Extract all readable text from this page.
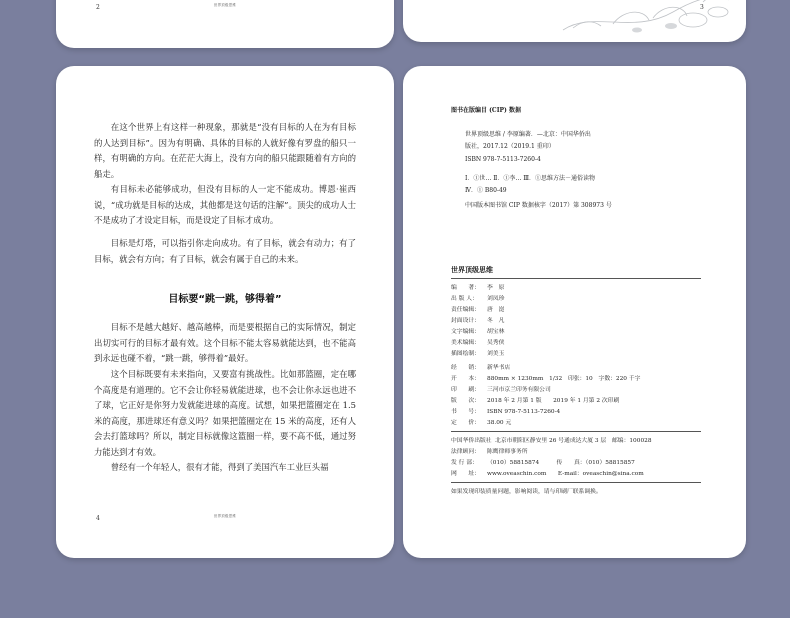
2	世界顶级思维	3

在这个世界上有这样一种现象，那就是“没有目标的人在为有目标的人达到目标”。因为有明确、具体的目标的人就好像有罗盘的船只一样，有明确的方向。在茫茫大海上，没有方向的船只能跟随着有方向的船走。

有目标未必能够成功，但没有目标的人一定不能成功。博恩·崔西说，“成功就是目标的达成，其他都是这句话的注解”。顶尖的成功人士不是成功了才设定目标，而是设定了目标才成功。

目标是灯塔，可以指引你走向成功。有了目标，就会有动力；有了目标，就会有方向；有了目标，就会有属于自己的未来。

目标要“跳一跳，够得着”

目标不是越大越好、越高越棒，而是要根据自己的实际情况，制定出切实可行的目标才最有效。这个目标不能太容易就能达到，也不能高到永远也碰不着，“跳一跳，够得着”最好。

这个目标既要有未来指向，又要富有挑战性。比如那篮圈，定在哪个高度是有道理的。它不会让你轻易就能进球，也不会让你永远也进不了球，它正好是你努力发就能进球的高度。试想，如果把篮圈定在 1.5 米的高度，那进球还有意义吗？如果把篮圈定在 15 米的高度，还有人会去打篮球吗？所以，制定目标就像这篮圈一样，要不高不低，通过努力能达到才有效。

曾经有一个年轻人，很有才能，得到了美国汽车工业巨头福

4	世界顶级思维
图书在版编目 (CIP) 数据
世界顶级思维 / 李原编著．—北京：中国华侨出
版社，2017.12（2019.1 重印）
ISBN 978-7-5113-7260-4
Ⅰ．①世… Ⅱ．①李… Ⅲ．①思维方法－通俗读物
Ⅳ．① B80-49
中国版本图书馆 CIP 数据核字（2017）第 308973 号
世界顶级思维
编　　著： 李　原
出 版 人： 刘凤珍
责任编辑： 唐　崑
封面设计： 冬　凡
文字编辑： 胡宝林
美术编辑： 吴秀侠
插图绘制： 刘美玉
经　　销： 新华书店
开　　本： 880mm × 1230mm　1/32　印张：10　字数：220 千字
印　　刷： 三河市京兰印务有限公司
版　　次： 2018 年 2 月第 1 版　　2019 年 1 月第 2 次印刷
书　　号： ISBN 978-7-5113-7260-4
定　　价： 38.00 元
中国华侨出版社 北京市朝阳区静安里 26 号通成达大厦 3 层　邮编：100028
法律顾问： 陈鹰律师事务所
发 行 部： （010）58815874　　　传　　真：（010）58815857
网　　址： www.oveaschin.com　　E-mail：oveaschin@sina.com
如果发现印装质量问题，影响阅读，请与印刷厂联系调换。
